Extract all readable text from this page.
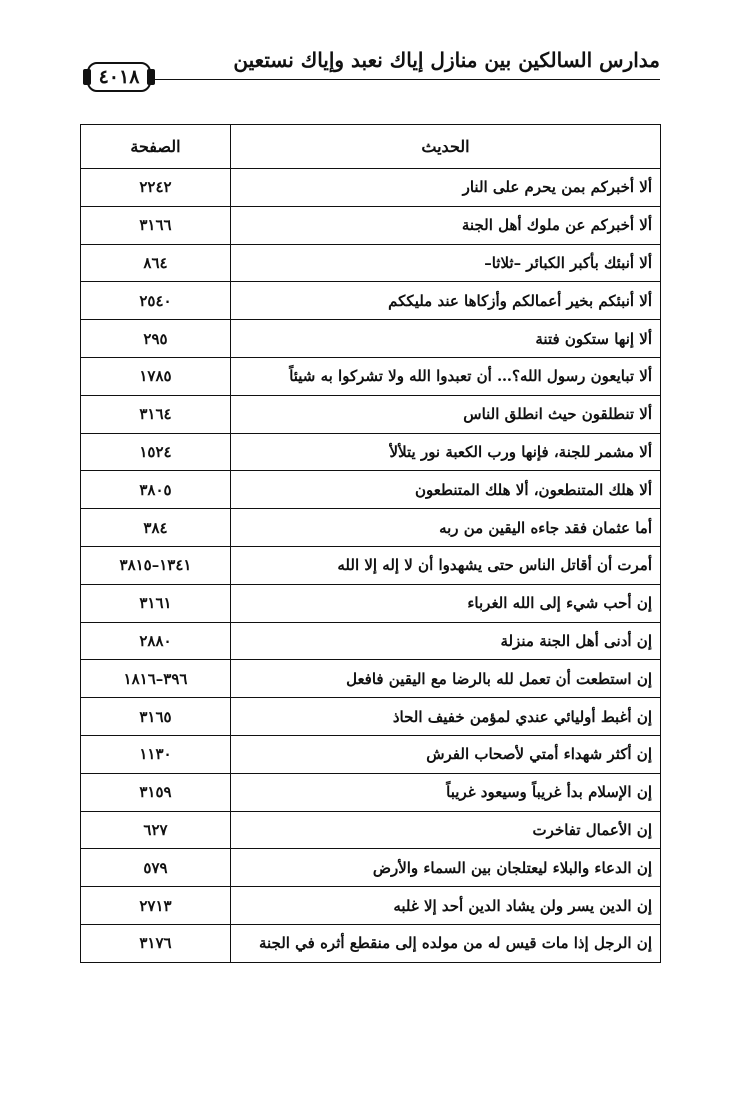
مدارس السالكين بين منازل إياك نعبد وإياك نستعين
٤٠١٨
الحديث	الصفحة
ألا أخبركم بمن يحرم على النار	٢٢٤٢
ألا أخبركم عن ملوك أهل الجنة	٣١٦٦
ألا أنبئك بأكبر الكبائر –ثلاثا–	٨٦٤
ألا أنبئكم بخير أعمالكم وأزكاها عند مليككم	٢٥٤٠
ألا إنها ستكون فتنة	٢٩٥
ألا تبايعون رسول الله؟… أن تعبدوا الله ولا تشركوا به شيئاً	١٧٨٥
ألا تنطلقون حيث انطلق الناس	٣١٦٤
ألا مشمر للجنة، فإنها ورب الكعبة نور يتلألأ	١٥٢٤
ألا هلك المتنطعون، ألا هلك المتنطعون	٣٨٠٥
أما عثمان فقد جاءه اليقين من ربه	٣٨٤
أمرت أن أقاتل الناس حتى يشهدوا أن لا إله إلا الله	١٣٤١–٣٨١٥
إن أحب شيء إلى الله الغرباء	٣١٦١
إن أدنى أهل الجنة منزلة	٢٨٨٠
إن استطعت أن تعمل لله بالرضا مع اليقين فافعل	٣٩٦–١٨١٦
إن أغبط أوليائي عندي لمؤمن خفيف الحاذ	٣١٦٥
إن أكثر شهداء أمتي لأصحاب الفرش	١١٣٠
إن الإسلام بدأ غريباً وسيعود غريباً	٣١٥٩
إن الأعمال تفاخرت	٦٢٧
إن الدعاء والبلاء ليعتلجان بين السماء والأرض	٥٧٩
إن الدين يسر ولن يشاد الدين أحد إلا غلبه	٢٧١٣
إن الرجل إذا مات قيس له من مولده إلى منقطع أثره في الجنة	٣١٧٦
